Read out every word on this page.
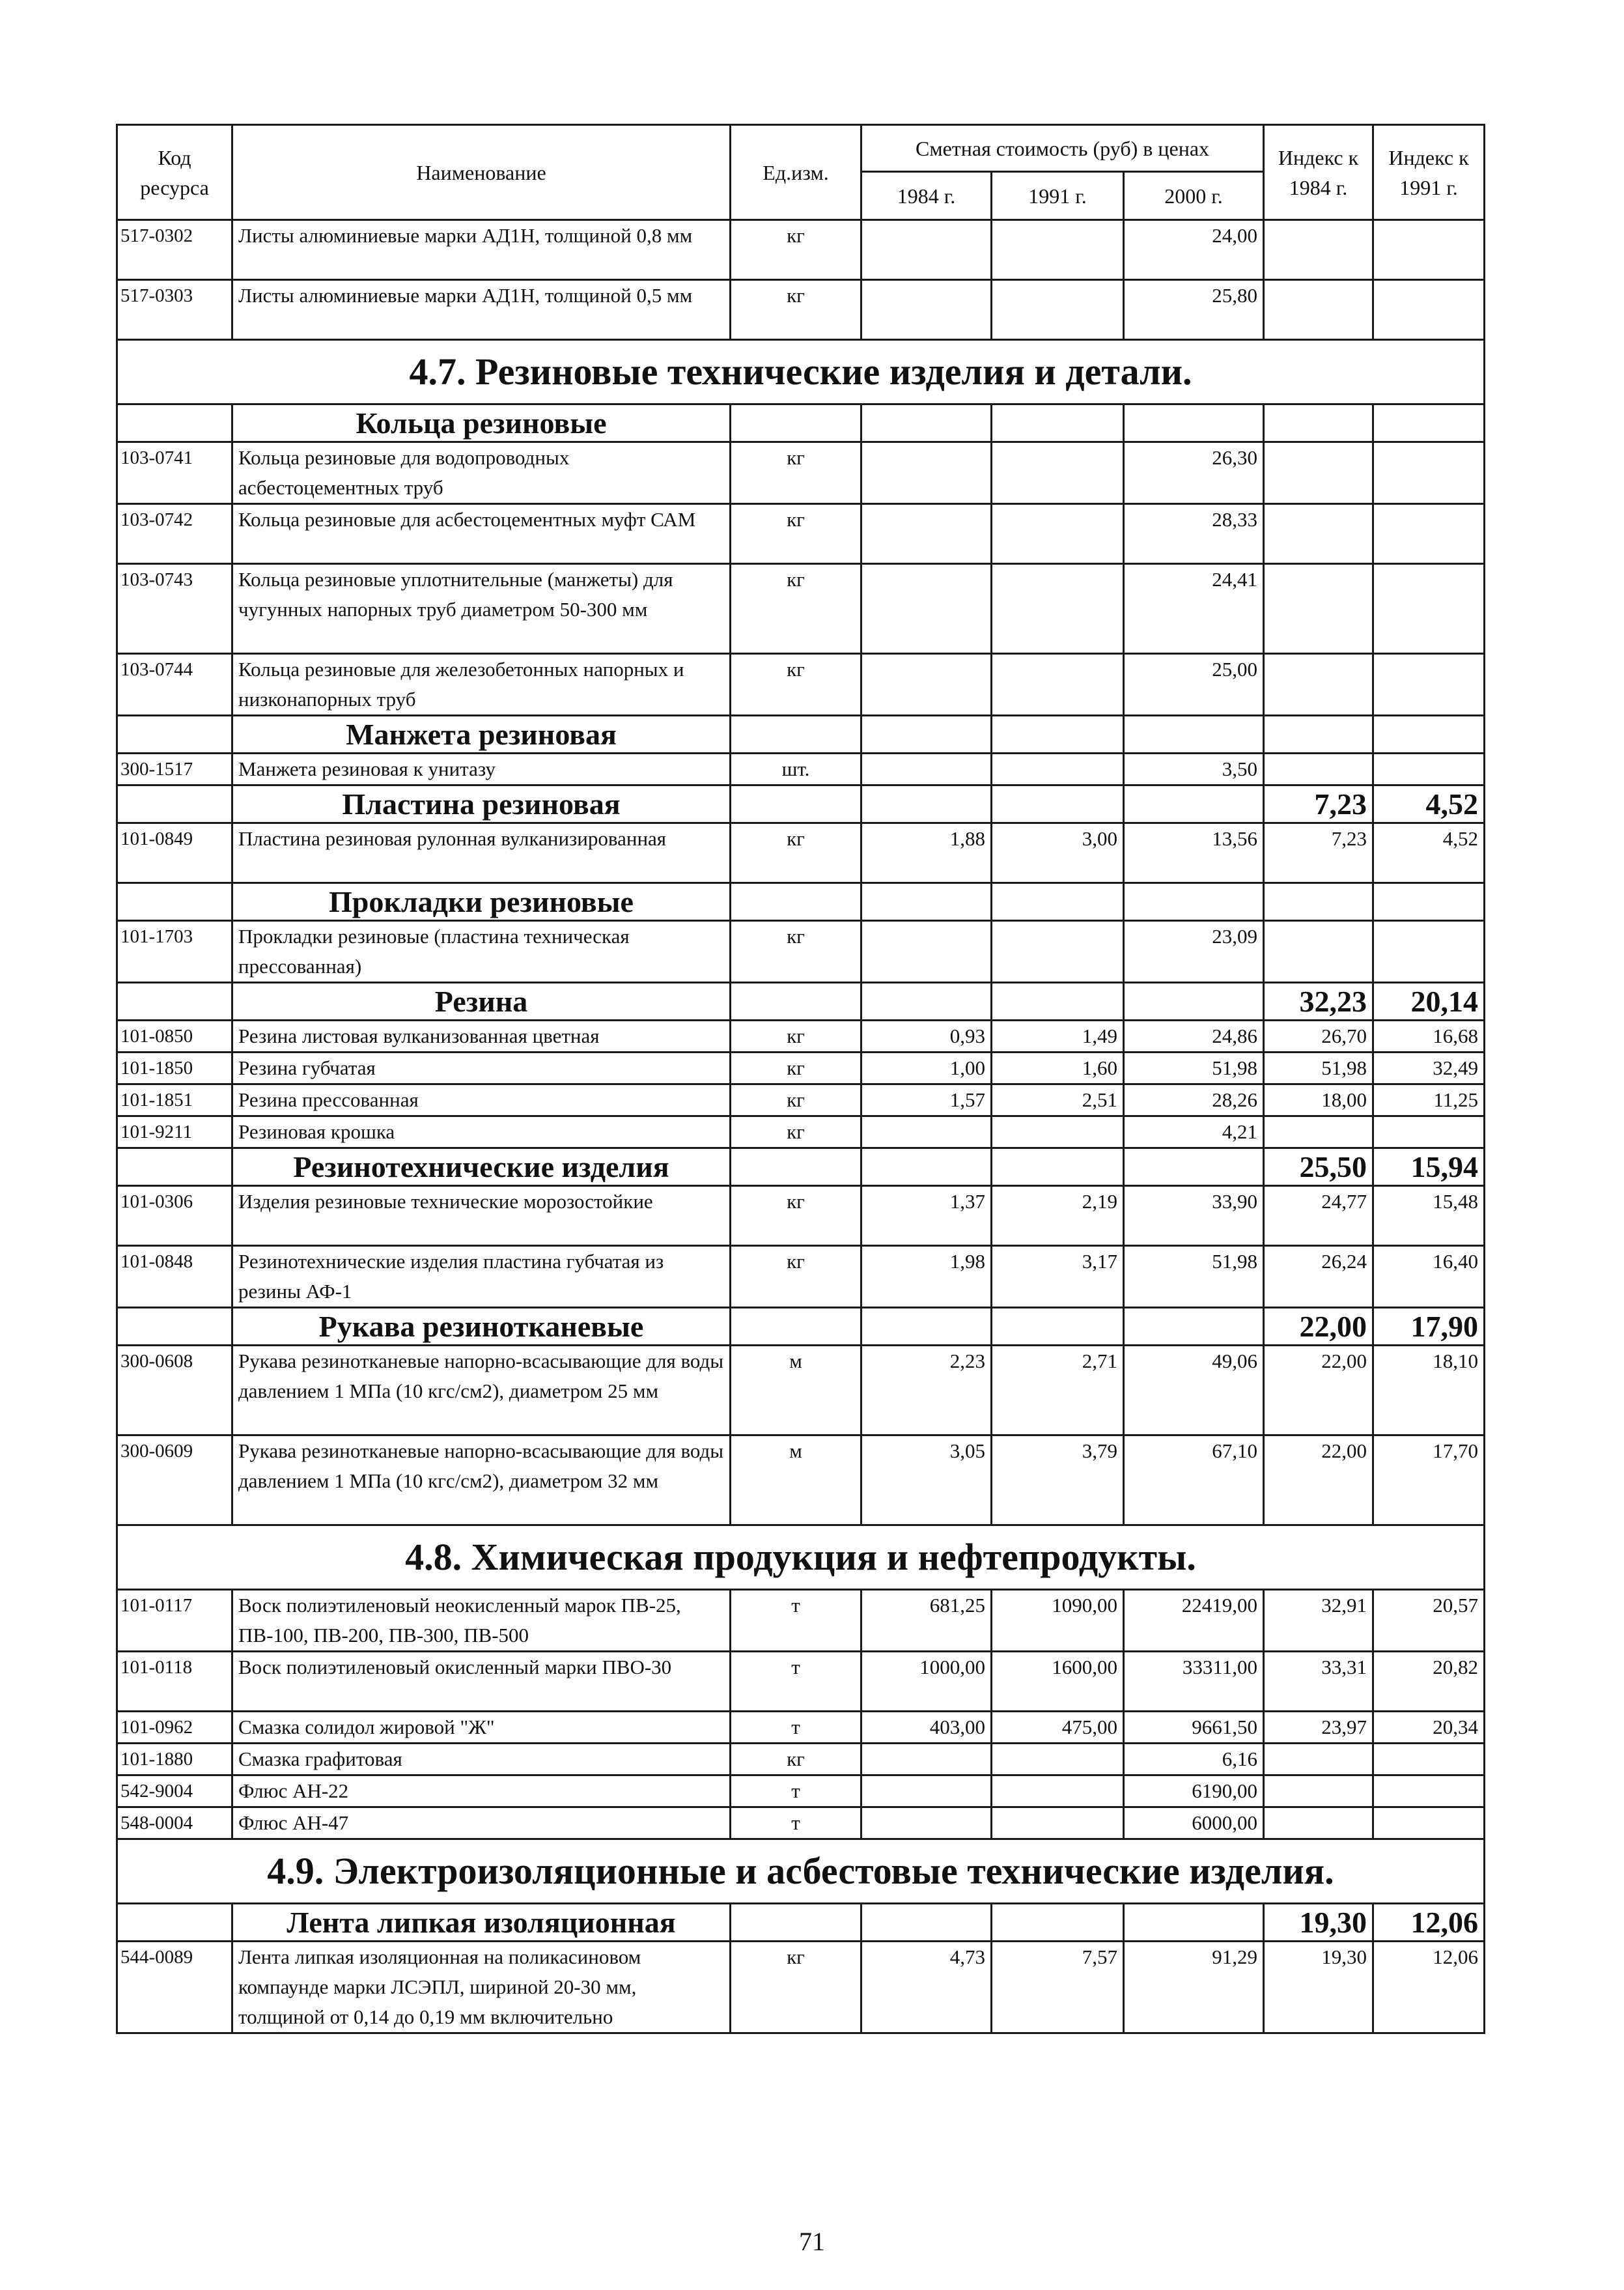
Код ресурса	Наименование	Ед.изм.	Сметная стоимость (руб) в ценах			Индекс к 1984 г.	Индекс к 1991 г.
			1984 г.	1991 г.	2000 г.		
517-0302	Листы алюминиевые марки АД1Н, толщиной 0,8 мм	кг			24,00		
517-0303	Листы алюминиевые марки АД1Н, толщиной 0,5 мм	кг			25,80		
4.7. Резиновые технические изделия и детали.							
	Кольца резиновые						
103-0741	Кольца резиновые для водопроводных асбестоцементных труб	кг			26,30		
103-0742	Кольца резиновые для асбестоцементных муфт САМ	кг			28,33		
103-0743	Кольца резиновые уплотнительные (манжеты) для чугунных напорных труб диаметром 50-300 мм	кг			24,41		
103-0744	Кольца резиновые для железобетонных напорных и низконапорных труб	кг			25,00		
	Манжета резиновая						
300-1517	Манжета резиновая к унитазу	шт.			3,50		
	Пластина резиновая					7,23	4,52
101-0849	Пластина резиновая рулонная вулканизированная	кг	1,88	3,00	13,56	7,23	4,52
	Прокладки резиновые						
101-1703	Прокладки резиновые (пластина техническая прессованная)	кг			23,09		
	Резина					32,23	20,14
101-0850	Резина листовая вулканизованная цветная	кг	0,93	1,49	24,86	26,70	16,68
101-1850	Резина губчатая	кг	1,00	1,60	51,98	51,98	32,49
101-1851	Резина прессованная	кг	1,57	2,51	28,26	18,00	11,25
101-9211	Резиновая крошка	кг			4,21		
	Резинотехнические изделия					25,50	15,94
101-0306	Изделия резиновые технические морозостойкие	кг	1,37	2,19	33,90	24,77	15,48
101-0848	Резинотехнические изделия пластина губчатая из резины АФ-1	кг	1,98	3,17	51,98	26,24	16,40
	Рукава резинотканевые					22,00	17,90
300-0608	Рукава резинотканевые напорно-всасывающие для воды давлением 1 МПа (10 кгс/см2), диаметром 25 мм	м	2,23	2,71	49,06	22,00	18,10
300-0609	Рукава резинотканевые напорно-всасывающие для воды давлением 1 МПа (10 кгс/см2), диаметром 32 мм	м	3,05	3,79	67,10	22,00	17,70
4.8. Химическая продукция и нефтепродукты.							
101-0117	Воск полиэтиленовый неокисленный марок ПВ-25, ПВ-100, ПВ-200, ПВ-300, ПВ-500	т	681,25	1090,00	22419,00	32,91	20,57
101-0118	Воск полиэтиленовый окисленный марки ПВО-30	т	1000,00	1600,00	33311,00	33,31	20,82
101-0962	Смазка солидол жировой "Ж"	т	403,00	475,00	9661,50	23,97	20,34
101-1880	Смазка графитовая	кг			6,16		
542-9004	Флюс АН-22	т			6190,00		
548-0004	Флюс АН-47	т			6000,00		
4.9. Электроизоляционные и асбестовые технические изделия.							
	Лента липкая изоляционная					19,30	12,06
544-0089	Лента липкая изоляционная на поликасиновом компаунде марки ЛСЭПЛ, шириной 20-30 мм, толщиной от 0,14 до 0,19 мм включительно	кг	4,73	7,57	91,29	19,30	12,06
71
